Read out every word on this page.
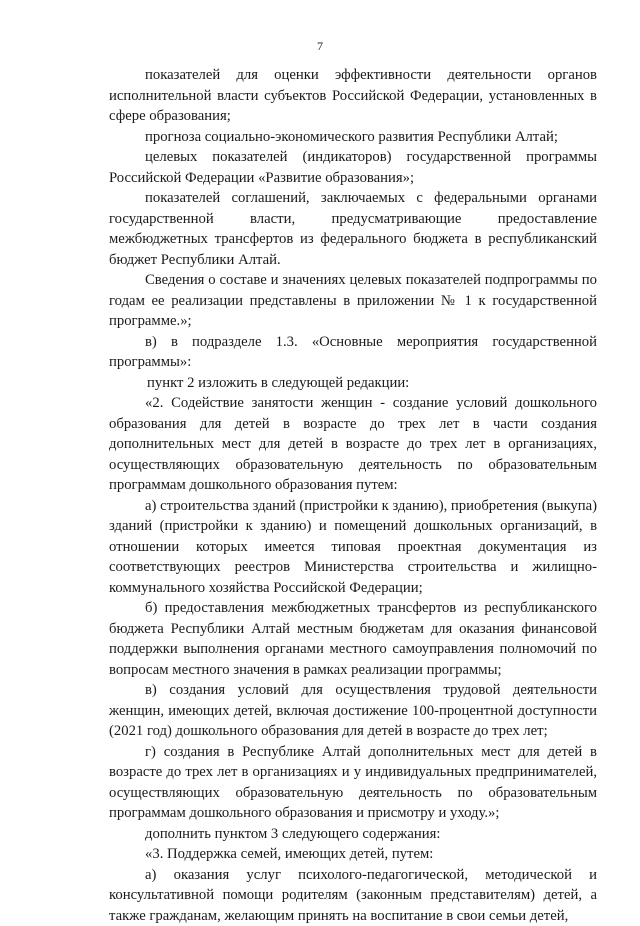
7

показателей для оценки эффективности деятельности органов исполнительной власти субъектов Российской Федерации, установленных в сфере образования;

прогноза социально-экономического развития Республики Алтай;

целевых показателей (индикаторов) государственной программы Российской Федерации «Развитие образования»;

показателей соглашений, заключаемых с федеральными органами государственной власти, предусматривающие предоставление межбюджетных трансфертов из федерального бюджета в республиканский бюджет Республики Алтай.

Сведения о составе и значениях целевых показателей подпрограммы по годам ее реализации представлены в приложении № 1 к государственной программе.»;

в) в подразделе 1.3. «Основные мероприятия государственной программы»:

пункт 2 изложить в следующей редакции:

«2. Содействие занятости женщин - создание условий дошкольного образования для детей в возрасте до трех лет в части создания дополнительных мест для детей в возрасте до трех лет в организациях, осуществляющих образовательную деятельность по образовательным программам дошкольного образования путем:

а) строительства зданий (пристройки к зданию), приобретения (выкупа) зданий (пристройки к зданию) и помещений дошкольных организаций, в отношении которых имеется типовая проектная документация из соответствующих реестров Министерства строительства и жилищно-коммунального хозяйства Российской Федерации;

б) предоставления межбюджетных трансфертов из республиканского бюджета Республики Алтай местным бюджетам для оказания финансовой поддержки выполнения органами местного самоуправления полномочий по вопросам местного значения в рамках реализации программы;

в) создания условий для осуществления трудовой деятельности женщин, имеющих детей, включая достижение 100-процентной доступности (2021 год) дошкольного образования для детей в возрасте до трех лет;

г) создания в Республике Алтай дополнительных мест для детей в возрасте до трех лет в организациях и у индивидуальных предпринимателей, осуществляющих образовательную деятельность по образовательным программам дошкольного образования и присмотру и уходу.»;

дополнить пунктом 3 следующего содержания:

«3. Поддержка семей, имеющих детей, путем:

а) оказания услуг психолого-педагогической, методической и консультативной помощи родителям (законным представителям) детей, а также гражданам, желающим принять на воспитание в свои семьи детей,
